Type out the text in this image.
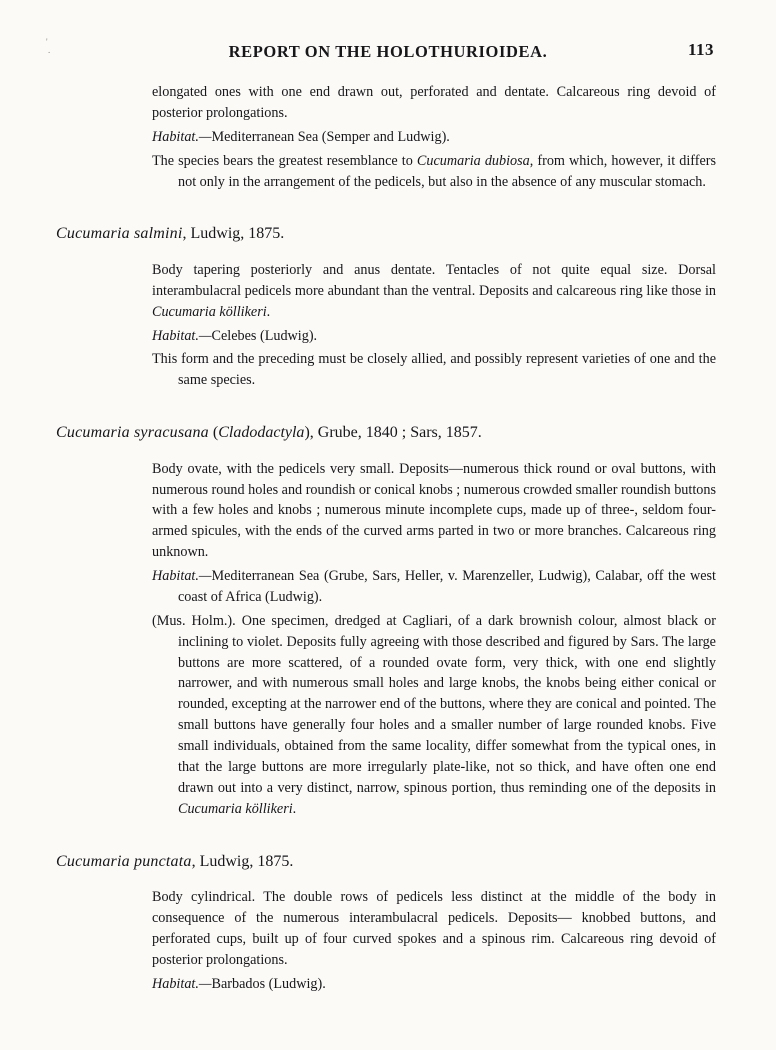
'
.	REPORT ON THE HOLOTHURIOIDEA.	113

elongated ones with one end drawn out, perforated and dentate. Calcareous ring devoid of posterior prolongations.

Habitat.—Mediterranean Sea (Semper and Ludwig).

The species bears the greatest resemblance to Cucumaria dubiosa, from which, however, it differs not only in the arrangement of the pedicels, but also in the absence of any muscular stomach.

Cucumaria salmini, Ludwig, 1875.

Body tapering posteriorly and anus dentate. Tentacles of not quite equal size. Dorsal interambulacral pedicels more abundant than the ventral. Deposits and calcareous ring like those in Cucumaria köllikeri.

Habitat.—Celebes (Ludwig).

This form and the preceding must be closely allied, and possibly represent varieties of one and the same species.

Cucumaria syracusana (Cladodactyla), Grube, 1840 ; Sars, 1857.

Body ovate, with the pedicels very small. Deposits—numerous thick round or oval buttons, with numerous round holes and roundish or conical knobs ; numerous crowded smaller roundish buttons with a few holes and knobs ; numerous minute incomplete cups, made up of three-, seldom four-armed spicules, with the ends of the curved arms parted in two or more branches. Calcareous ring unknown.

Habitat.—Mediterranean Sea (Grube, Sars, Heller, v. Marenzeller, Ludwig), Calabar, off the west coast of Africa (Ludwig).

(Mus. Holm.). One specimen, dredged at Cagliari, of a dark brownish colour, almost black or inclining to violet. Deposits fully agreeing with those described and figured by Sars. The large buttons are more scattered, of a rounded ovate form, very thick, with one end slightly narrower, and with numerous small holes and large knobs, the knobs being either conical or rounded, excepting at the narrower end of the buttons, where they are conical and pointed. The small buttons have generally four holes and a smaller number of large rounded knobs. Five small individuals, obtained from the same locality, differ somewhat from the typical ones, in that the large buttons are more irregularly plate-like, not so thick, and have often one end drawn out into a very distinct, narrow, spinous portion, thus reminding one of the deposits in Cucumaria köllikeri.

Cucumaria punctata, Ludwig, 1875.

Body cylindrical. The double rows of pedicels less distinct at the middle of the body in consequence of the numerous interambulacral pedicels. Deposits— knobbed buttons, and perforated cups, built up of four curved spokes and a spinous rim. Calcareous ring devoid of posterior prolongations.

Habitat.—Barbados (Ludwig).
